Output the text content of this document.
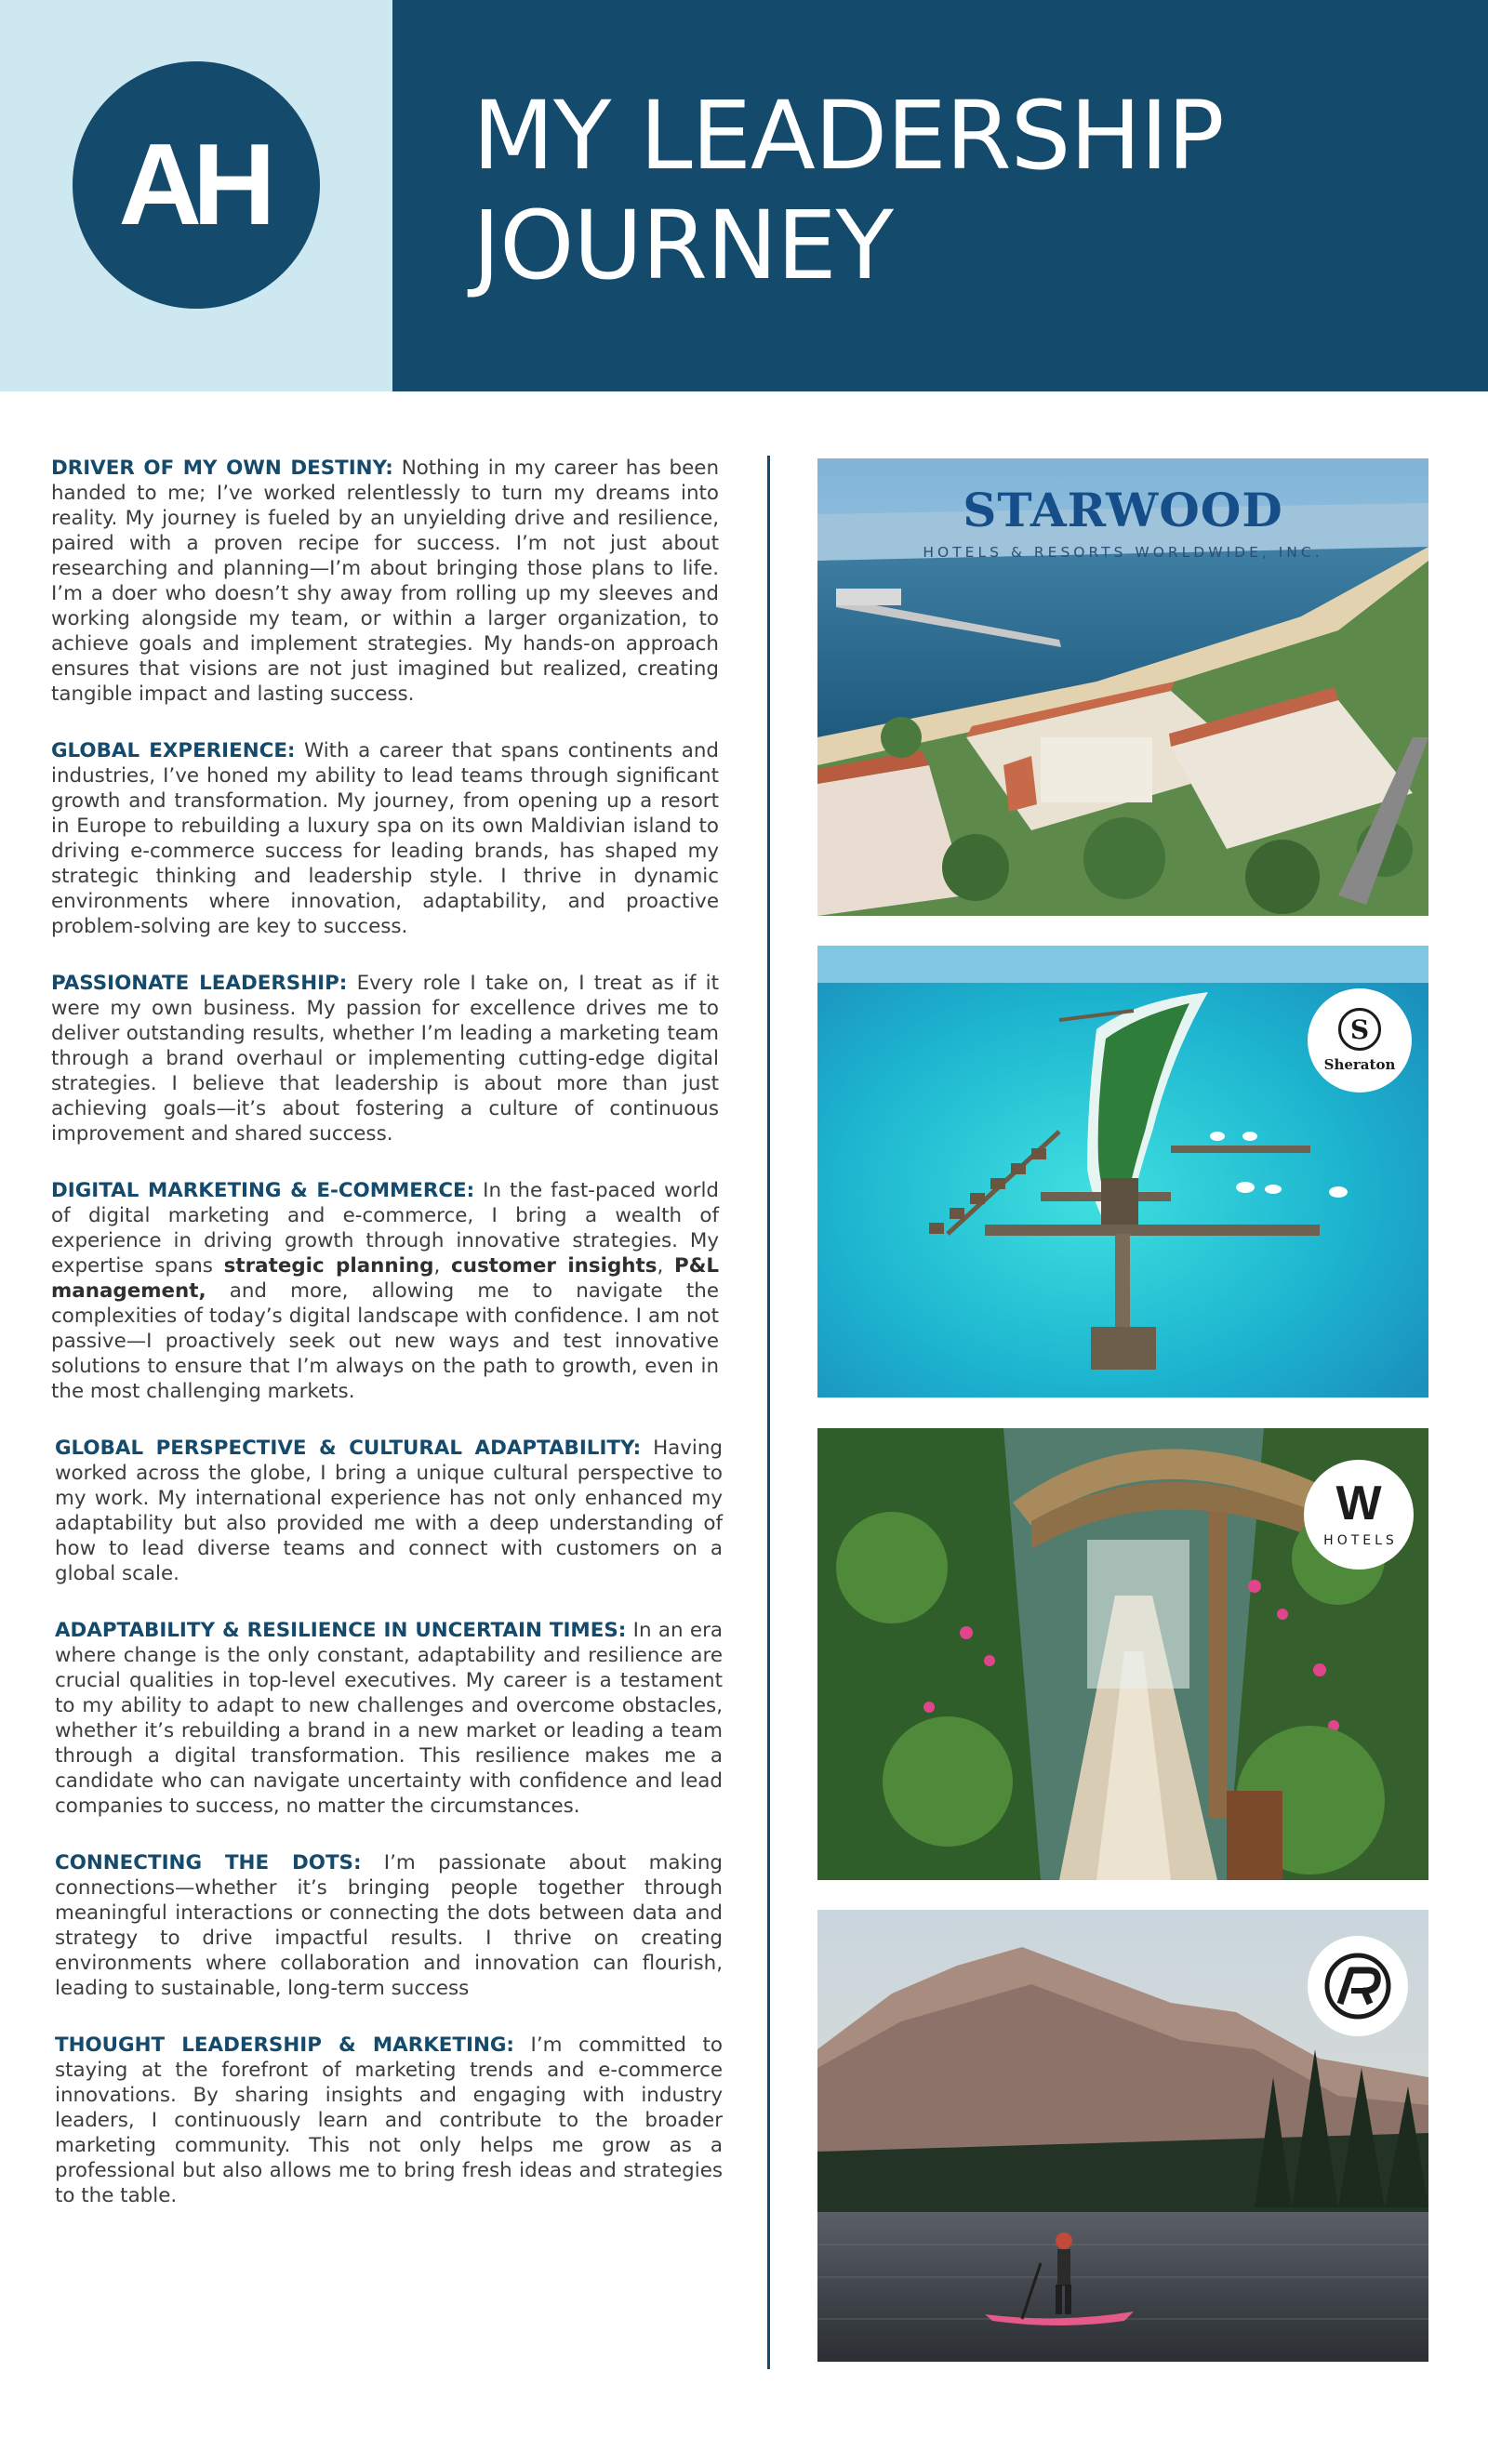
AH MY LEADERSHIP
JOURNEY

DRIVER OF MY OWN DESTINY: Nothing in my career has been handed to me; I’ve worked relentlessly to turn my dreams into reality. My journey is fueled by an unyielding drive and resilience, paired with a proven recipe for success. I’m not just about researching and planning—I’m about bringing those plans to life. I’m a doer who doesn’t shy away from rolling up my sleeves and working alongside my team, or within a larger organization, to achieve goals and implement strategies. My hands-on approach ensures that visions are not just imagined but realized, creating tangible impact and lasting success.

GLOBAL EXPERIENCE: With a career that spans continents and industries, I’ve honed my ability to lead teams through significant growth and transformation. My journey, from opening up a resort in Europe to rebuilding a luxury spa on its own Maldivian island to driving e-commerce success for leading brands, has shaped my strategic thinking and leadership style. I thrive in dynamic environments where innovation, adaptability, and proactive problem-solving are key to success.

PASSIONATE LEADERSHIP: Every role I take on, I treat as if it were my own business. My passion for excellence drives me to deliver outstanding results, whether I’m leading a marketing team through a brand overhaul or implementing cutting-edge digital strategies. I believe that leadership is about more than just achieving goals—it’s about fostering a culture of continuous improvement and shared success.

DIGITAL MARKETING & E-COMMERCE: In the fast-paced world of digital marketing and e-commerce, I bring a wealth of experience in driving growth through innovative strategies. My expertise spans strategic planning, customer insights, P&L management, and more, allowing me to navigate the complexities of today’s digital landscape with confidence. I am not passive—I proactively seek out new ways and test innovative solutions to ensure that I’m always on the path to growth, even in the most challenging markets.

GLOBAL PERSPECTIVE & CULTURAL ADAPTABILITY: Having worked across the globe, I bring a unique cultural perspective to my work. My international experience has not only enhanced my adaptability but also provided me with a deep understanding of how to lead diverse teams and connect with customers on a global scale.

ADAPTABILITY & RESILIENCE IN UNCERTAIN TIMES: In an era where change is the only constant, adaptability and resilience are crucial qualities in top-level executives. My career is a testament to my ability to adapt to new challenges and overcome obstacles, whether it’s rebuilding a brand in a new market or leading a team through a digital transformation. This resilience makes me a candidate who can navigate uncertainty with confidence and lead companies to success, no matter the circumstances.

CONNECTING THE DOTS: I’m passionate about making connections—whether it’s bringing people together through meaningful interactions or connecting the dots between data and strategy to drive impactful results. I thrive on creating environments where collaboration and innovation can flourish, leading to sustainable, long-term success

THOUGHT LEADERSHIP & MARKETING: I’m committed to staying at the forefront of marketing trends and e-commerce innovations. By sharing insights and engaging with industry leaders, I continuously learn and contribute to the broader marketing community. This not only helps me grow as a professional but also allows me to bring fresh ideas and strategies to the table.

STARWOOD
HOTELS & RESORTS WORLDWIDE, INC.
S
Sheraton
W
HOTELS
